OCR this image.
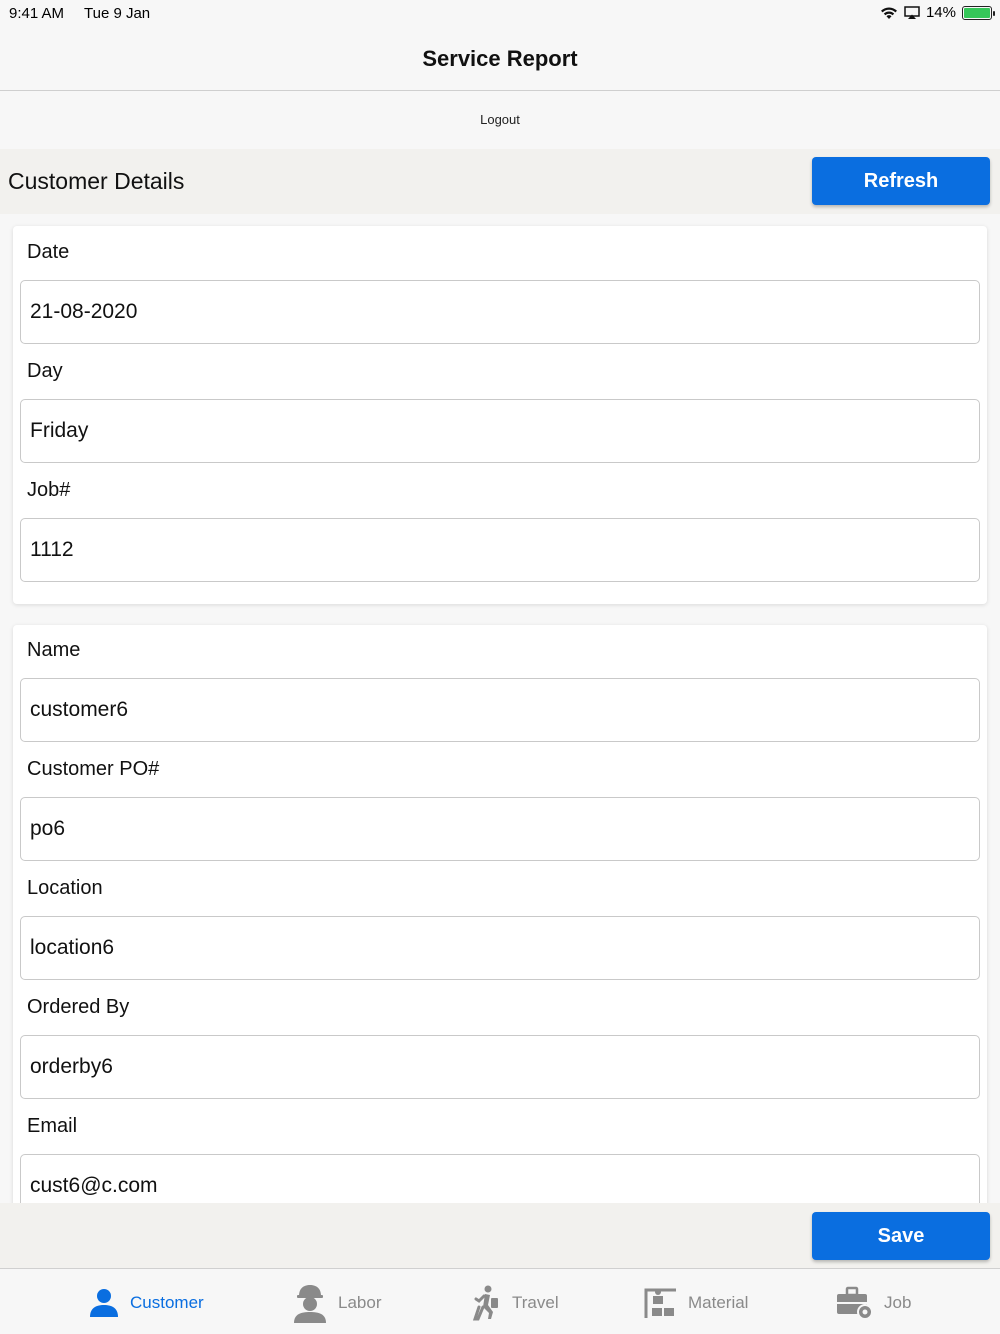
9:41 AM Tue 9 Jan	14%
Service Report
Logout
Customer Details	Refresh
Date
21-08-2020
Day
Friday
Job#
1112
Name
customer6
Customer PO#
po6
Location
location6
Ordered By
orderby6
Email
cust6@c.com
Save
Customer	Labor	Travel	Material	Job
